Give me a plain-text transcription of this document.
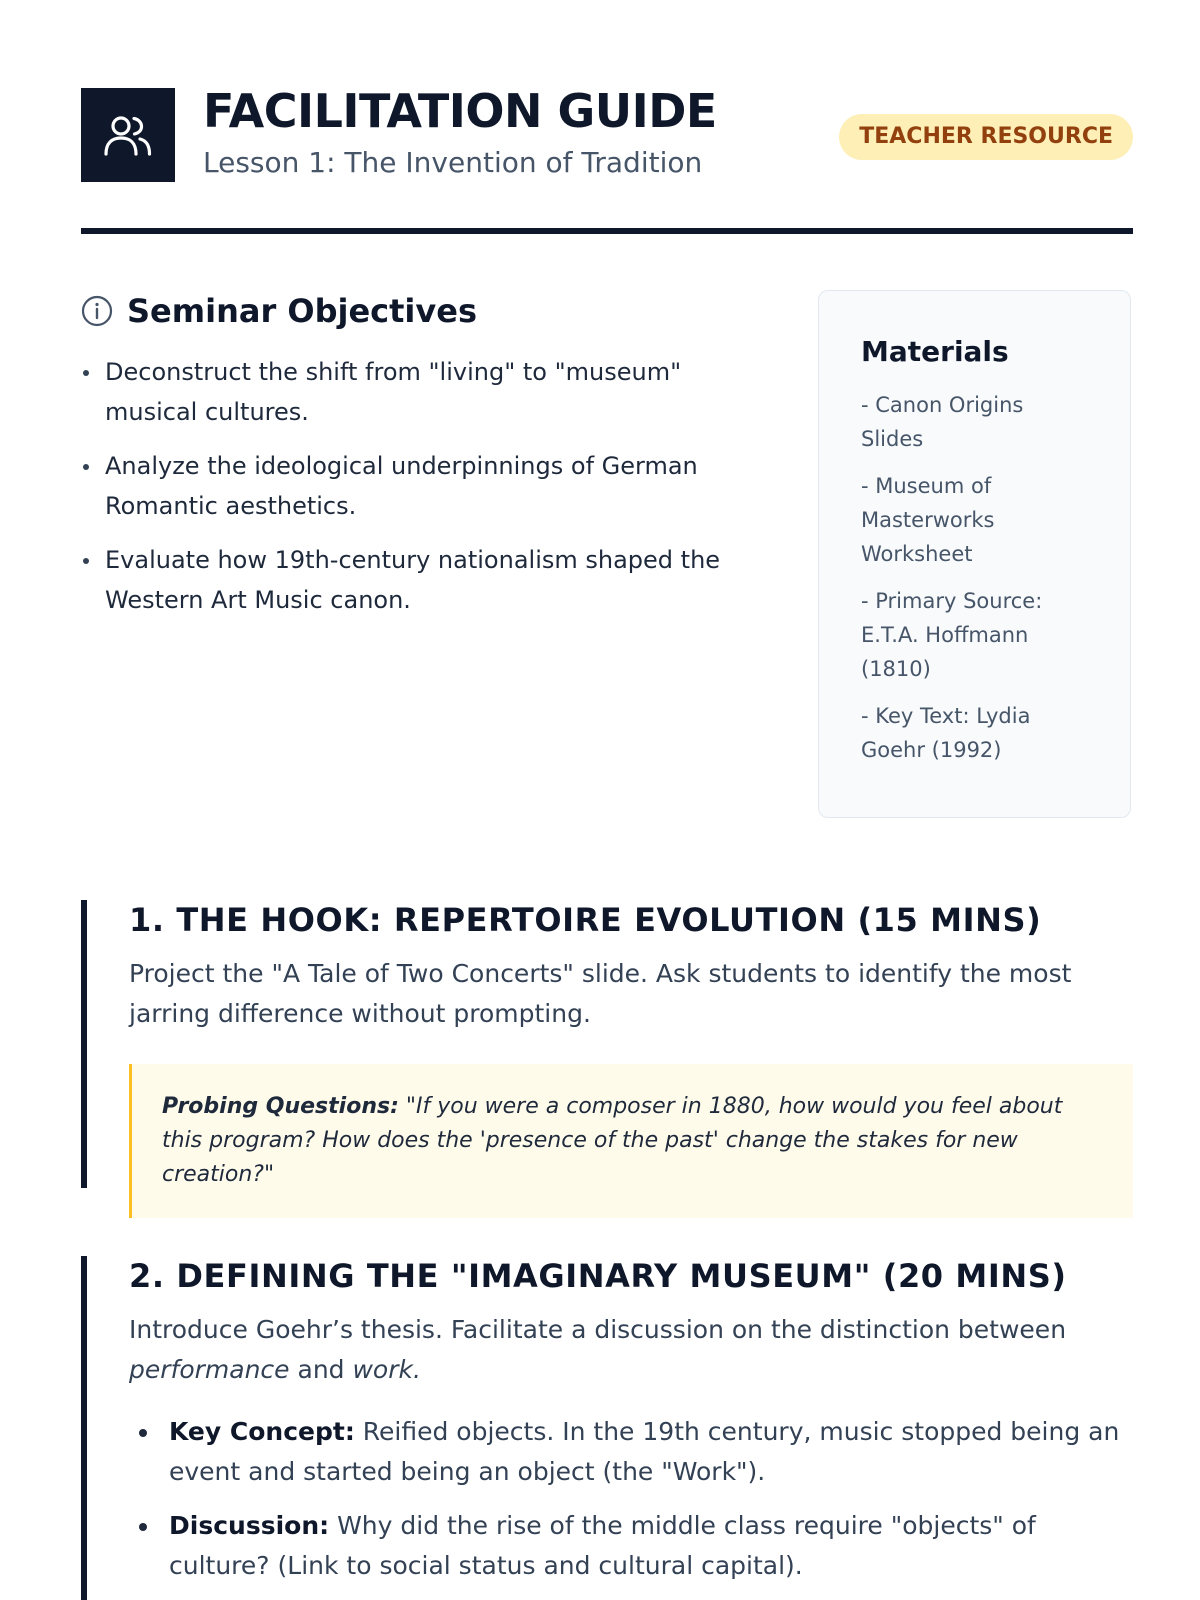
FACILITATION GUIDE
Lesson 1: The Invention of Tradition
TEACHER RESOURCE
Seminar Objectives
Deconstruct the shift from "living" to "museum" musical cultures.
Analyze the ideological underpinnings of German Romantic aesthetics.
Evaluate how 19th-century nationalism shaped the Western Art Music canon.
Materials
- Canon Origins Slides
- Museum of Masterworks Worksheet
- Primary Source: E.T.A. Hoffmann (1810)
- Key Text: Lydia Goehr (1992)
1. THE HOOK: REPERTOIRE EVOLUTION (15 MINS)

Project the "A Tale of Two Concerts" slide. Ask students to identify the most jarring difference without prompting.

Probing Questions: "If you were a composer in 1880, how would you feel about this program? How does the 'presence of the past' change the stakes for new creation?"
2. DEFINING THE "IMAGINARY MUSEUM" (20 MINS)

Introduce Goehr’s thesis. Facilitate a discussion on the distinction between performance and work.

Key Concept: Reified objects. In the 19th century, music stopped being an event and started being an object (the "Work").
Discussion: Why did the rise of the middle class require "objects" of culture? (Link to social status and cultural capital).
